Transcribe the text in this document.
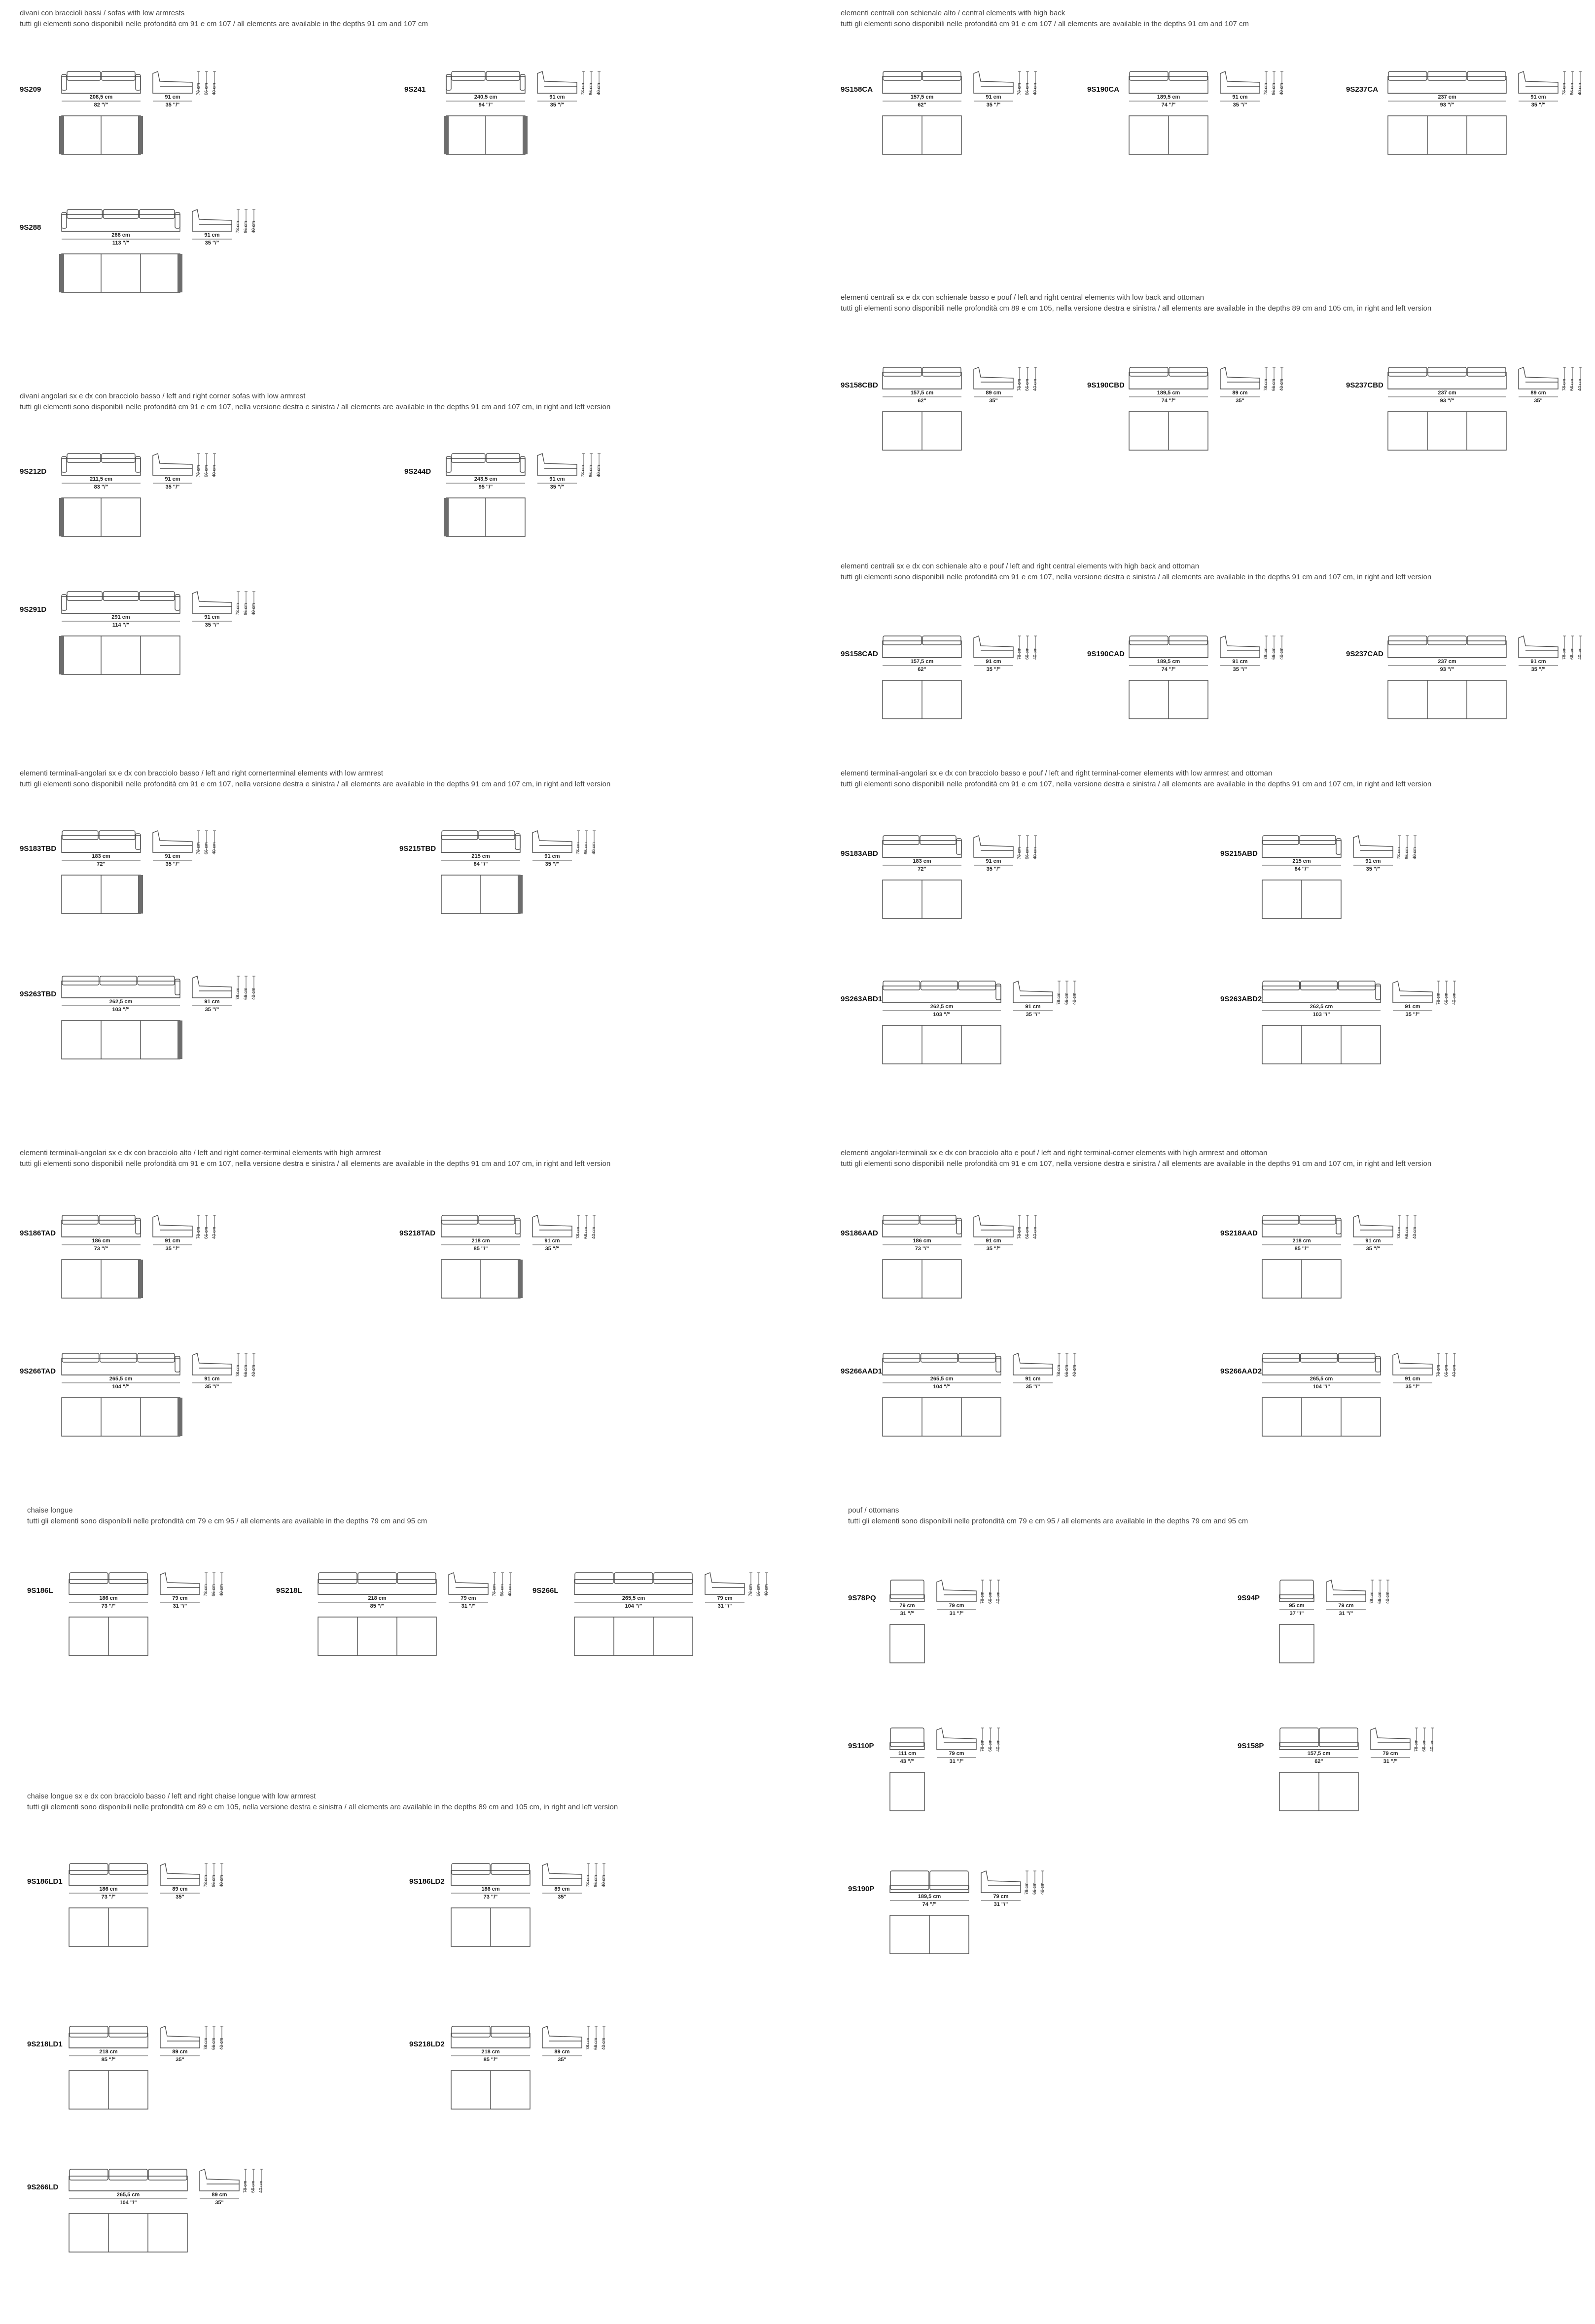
divani con braccioli bassi / sofas with low armrests
tutti gli elementi sono disponibili nelle profondità cm 91 e cm 107 / all elements are available in the depths 91 cm and 107 cm
9S209
208,5 cm
82 "/"
91 cm
35 "/"
78 cm 66 cm 40 cm	9S241
240,5 cm
94 "/"
91 cm
35 "/"
78 cm 66 cm 40 cm
9S288
288 cm
113 "/"
91 cm
35 "/"
78 cm 66 cm 40 cm
divani angolari sx e dx con bracciolo basso / left and right corner sofas with low armrest
tutti gli elementi sono disponibili nelle profondità cm 91 e cm 107, nella versione destra e sinistra / all elements are available in the depths 91 cm and 107 cm, in right and left version
9S212D
211,5 cm
83 "/"
91 cm
35 "/"
78 cm 66 cm 40 cm	9S244D
243,5 cm
95 "/"
91 cm
35 "/"
78 cm 66 cm 40 cm
9S291D
291 cm
114 "/"
91 cm
35 "/"
78 cm 66 cm 40 cm
elementi terminali-angolari sx e dx con bracciolo basso / left and right cornerterminal elements with low armrest
tutti gli elementi sono disponibili nelle profondità cm 91 e cm 107, nella versione destra e sinistra / all elements are available in the depths 91 cm and 107 cm, in right and left version
9S183TBD
183 cm
72"
91 cm
35 "/"
78 cm 66 cm 40 cm	9S215TBD
215 cm
84 "/"
91 cm
35 "/"
78 cm 66 cm 40 cm
9S263TBD
262,5 cm
103 "/"
91 cm
35 "/"
78 cm 66 cm 40 cm
elementi terminali-angolari sx e dx con bracciolo alto / left and right corner-terminal elements with high armrest
tutti gli elementi sono disponibili nelle profondità cm 91 e cm 107, nella versione destra e sinistra / all elements are available in the depths 91 cm and 107 cm, in right and left version
9S186TAD
186 cm
73 "/"
91 cm
35 "/"
78 cm 66 cm 40 cm	9S218TAD
218 cm
85 "/"
91 cm
35 "/"
78 cm 66 cm 40 cm
9S266TAD
265,5 cm
104 "/"
91 cm
35 "/"
78 cm 66 cm 40 cm
chaise longue
tutti gli elementi sono disponibili nelle profondità cm 79 e cm 95 / all elements are available in the depths 79 cm and 95 cm
9S186L
186 cm
73 "/"
79 cm
31 "/"
78 cm 66 cm 40 cm	9S218L
218 cm
85 "/"
79 cm
31 "/"
78 cm 66 cm 40 cm	9S266L
265,5 cm
104 "/"
79 cm
31 "/"
78 cm 66 cm 40 cm
chaise longue sx e dx con bracciolo basso / left and right chaise longue with low armrest
tutti gli elementi sono disponibili nelle profondità cm 89 e cm 105, nella versione destra e sinistra / all elements are available in the depths 89 cm and 105 cm, in right and left version
9S186LD1
186 cm
73 "/"
89 cm
35"
78 cm 66 cm 40 cm	9S186LD2
186 cm
73 "/"
89 cm
35"
78 cm 66 cm 40 cm
9S218LD1
218 cm
85 "/"
89 cm
35"
78 cm 66 cm 40 cm	9S218LD2
218 cm
85 "/"
89 cm
35"
78 cm 66 cm 40 cm
9S266LD
265,5 cm
104 "/"
89 cm
35"
78 cm 66 cm 40 cm
elementi centrali con schienale alto / central elements with high back
tutti gli elementi sono disponibili nelle profondità cm 91 e cm 107 / all elements are available in the depths 91 cm and 107 cm
9S158CA
157,5 cm
62"
91 cm
35 "/"
78 cm 66 cm 40 cm	9S190CA
189,5 cm
74 "/"
91 cm
35 "/"
78 cm 66 cm 40 cm	9S237CA
237 cm
93 "/"
91 cm
35 "/"
78 cm 66 cm 40 cm
elementi centrali sx e dx con schienale basso e pouf / left and right central elements with low back and ottoman
tutti gli elementi sono disponibili nelle profondità cm 89 e cm 105, nella versione destra e sinistra / all elements are available in the depths 89 cm and 105 cm, in right and left version
9S158CBD
157,5 cm
62"
89 cm
35"
78 cm 66 cm 40 cm	9S190CBD
189,5 cm
74 "/"
89 cm
35"
78 cm 66 cm 40 cm	9S237CBD
237 cm
93 "/"
89 cm
35"
78 cm 66 cm 40 cm
elementi centrali sx e dx con schienale alto e pouf / left and right central elements with high back and ottoman
tutti gli elementi sono disponibili nelle profondità cm 91 e cm 107, nella versione destra e sinistra / all elements are available in the depths 91 cm and 107 cm, in right and left version
9S158CAD
157,5 cm
62"
91 cm
35 "/"
78 cm 66 cm 40 cm	9S190CAD
189,5 cm
74 "/"
91 cm
35 "/"
78 cm 66 cm 40 cm	9S237CAD
237 cm
93 "/"
91 cm
35 "/"
78 cm 66 cm 40 cm
elementi terminali-angolari sx e dx con bracciolo basso e pouf / left and right terminal-corner elements with low armrest and ottoman
tutti gli elementi sono disponibili nelle profondità cm 91 e cm 107, nella versione destra e sinistra / all elements are available in the depths 91 cm and 107 cm, in right and left version
9S183ABD
183 cm
72"
91 cm
35 "/"
78 cm 66 cm 40 cm	9S215ABD
215 cm
84 "/"
91 cm
35 "/"
78 cm 66 cm 40 cm
9S263ABD1
262,5 cm
103 "/"
91 cm
35 "/"
78 cm 66 cm 40 cm	9S263ABD2
262,5 cm
103 "/"
91 cm
35 "/"
78 cm 66 cm 40 cm
elementi angolari-terminali sx e dx con bracciolo alto e pouf / left and right terminal-corner elements with high armrest and ottoman
tutti gli elementi sono disponibili nelle profondità cm 91 e cm 107, nella versione destra e sinistra / all elements are available in the depths 91 cm and 107 cm, in right and left version
9S186AAD
186 cm
73 "/"
91 cm
35 "/"
78 cm 66 cm 40 cm	9S218AAD
218 cm
85 "/"
91 cm
35 "/"
78 cm 66 cm 40 cm
9S266AAD1
265,5 cm
104 "/"
91 cm
35 "/"
78 cm 66 cm 40 cm	9S266AAD2
265,5 cm
104 "/"
91 cm
35 "/"
78 cm 66 cm 40 cm
pouf / ottomans
tutti gli elementi sono disponibili nelle profondità cm 79 e cm 95 / all elements are available in the depths 79 cm and 95 cm
9S78PQ
79 cm
31 "/"
79 cm
31 "/"
78 cm 66 cm 40 cm	9S94P
95 cm
37 "/"
79 cm
31 "/"
78 cm 66 cm 40 cm
9S110P
111 cm
43 "/"
79 cm
31 "/"
78 cm 66 cm 40 cm	9S158P
157,5 cm
62"
79 cm
31 "/"
78 cm 66 cm 40 cm
9S190P
189,5 cm
74 "/"
79 cm
31 "/"
78 cm 66 cm 40 cm
